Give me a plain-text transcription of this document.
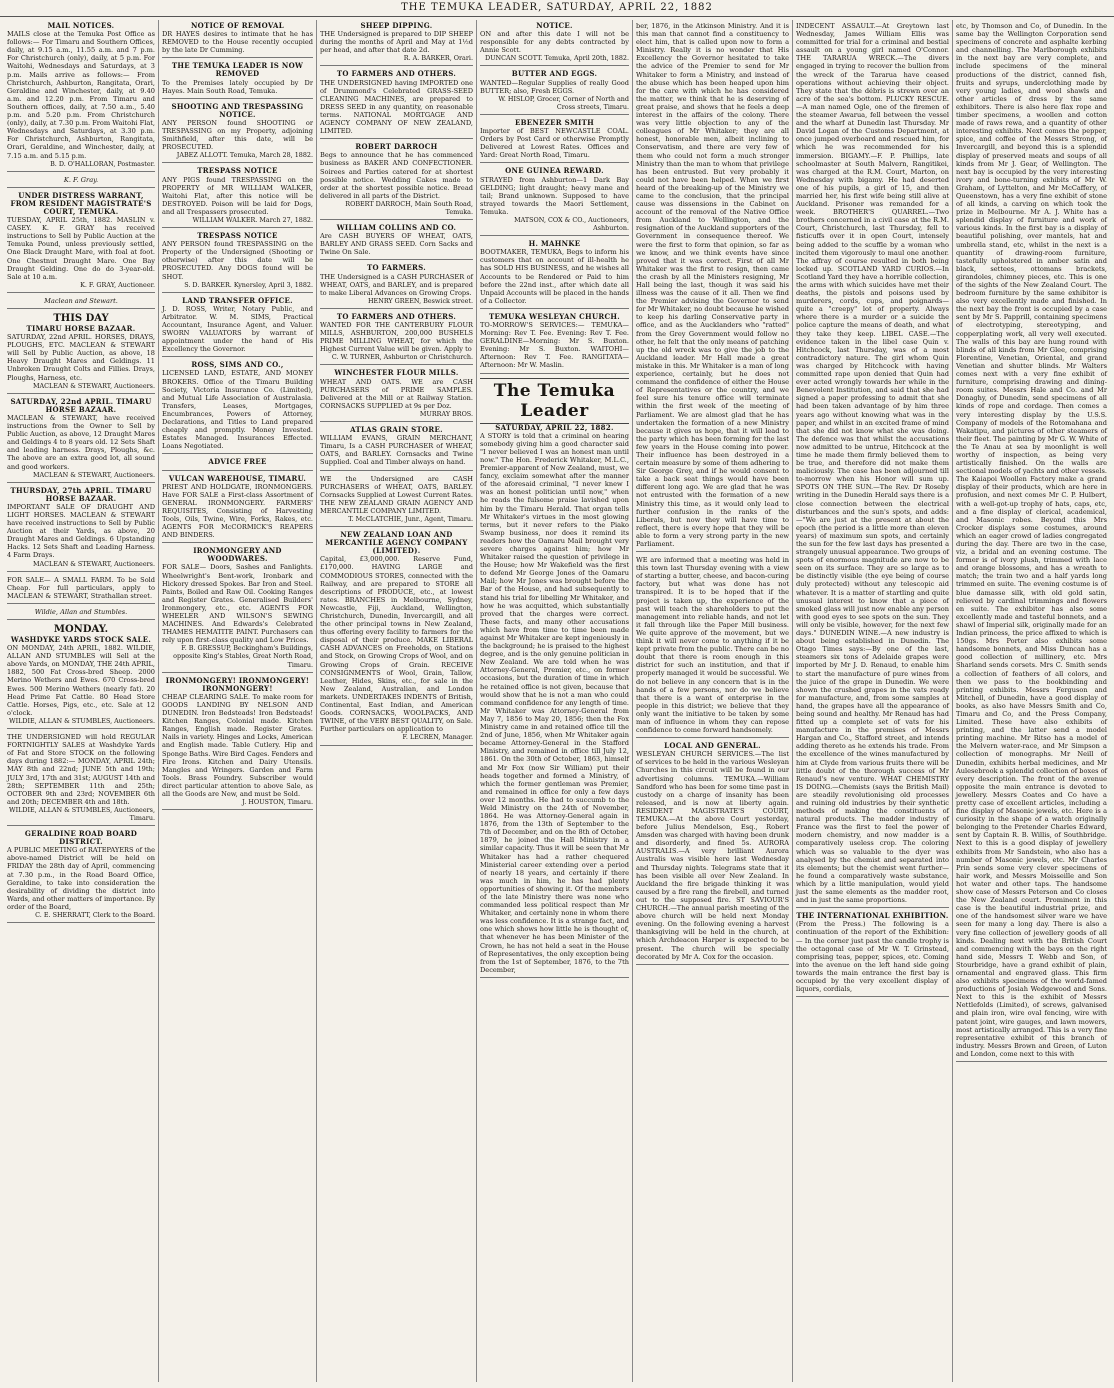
THE TEMUKA LEADER, SATURDAY, APRIL 22, 1882
MAIL NOTICES.
MAILS close at the Temuka Post Office as follows:— For Timaru and Southern Offices, daily, at 9.15 a.m., 11.55 a.m. and 7 p.m. For Christchurch (only), daily, at 5 p.m. For Waitohi, Wednesdays and Saturdays, at 3 p.m. Mails arrive as follows:— From Christchurch, Ashburton, Rangitata, Orari, Geraldine and Winchester, daily, at 9.40 a.m. and 12.20 p.m. From Timaru and Southern offices, daily, at 7.50 a.m., 5.40 p.m. and 5.20 p.m. From Christchurch (only), daily, at 7.30 p.m. From Waitohi Flat, Wednesdays and Saturdays, at 3.30 p.m. For Christchurch, Ashburton, Rangitata, Orari, Geraldine, and Winchester, daily, at 7.15 a.m. and 5.15 p.m.
B. D. O'HALLORAN, Postmaster.
K. F. Gray.
UNDER DISTRESS WARRANT, FROM RESIDENT MAGISTRATE'S COURT, TEMUKA.
TUESDAY, APRIL 25th, 1882. MASLIN v. CASEY. K. F. GRAY has received instructions to Sell by Public Auction at the Temuka Pound, unless previously settled, One Black Draught Mare, with foal at foot. One Chestnut Draught Mare. One Bay Draught Gelding. One do do 3-year-old. Sale at 10 a.m.
K. F. GRAY, Auctioneer.
Maclean and Stewart.
THIS DAY
TIMARU HORSE BAZAAR.
SATURDAY, 22nd APRIL. HORSES, DRAYS, PLOUGHS, ETC. MACLEAN & STEWART will Sell by Public Auction, as above, 18 Heavy Draught Mares and Geldings. 11 Unbroken Draught Colts and Fillies. Drays, Ploughs, Harness, etc.
MACLEAN & STEWART, Auctioneers.
SATURDAY, 22nd APRIL. TIMARU HORSE BAZAAR.
MACLEAN & STEWART, have received instructions from the Owner to Sell by Public Auction, as above, 12 Draught Mares and Geldings 4 to 8 years old. 12 Sets Shaft and leading harness. Drays, Ploughs, &c. The above are an extra good lot, all sound and good workers.
MACLEAN & STEWART, Auctioneers.
THURSDAY, 27th APRIL. TIMARU HORSE BAZAAR.
IMPORTANT SALE OF DRAUGHT AND LIGHT HORSES. MACLEAN & STEWART have received instructions to Sell by Public Auction at their Yards, as above, 20 Draught Mares and Geldings. 6 Upstanding Hacks. 12 Sets Shaft and Leading Harness. 4 Farm Drays.
MACLEAN & STEWART, Auctioneers.
FOR SALE— A SMALL FARM. To be Sold Cheap. For full particulars, apply to MACLEAN & STEWART, Strathallan street.
Wildie, Allan and Stumbles.
MONDAY.
WASHDYKE YARDS STOCK SALE.
ON MONDAY, 24th APRIL, 1882. WILDIE, ALLAN AND STUMBLES will Sell at the above Yards, on MONDAY, THE 24th APRIL, 1882, 500 Fat Cross-bred Sheep. 2000 Merino Wethers and Ewes. 670 Cross-bred Ewes. 500 Merino Wethers (nearly fat). 20 Head Prime Fat Cattle. 80 Head Store Cattle. Horses, Pigs, etc., etc. Sale at 12 o'clock.
WILDIE, ALLAN & STUMBLES, Auctioneers.
THE UNDERSIGNED will hold REGULAR FORTNIGHTLY SALES at Washdyke Yards of Fat and Store STOCK on the following days during 1882:— MONDAY, APRIL 24th; MAY 8th and 22nd; JUNE 5th and 19th; JULY 3rd, 17th and 31st; AUGUST 14th and 28th; SEPTEMBER 11th and 25th; OCTOBER 9th and 23rd; NOVEMBER 6th and 20th; DECEMBER 4th and 18th.
WILDIE, ALLAN & STUMBLES, Auctioneers, Timaru.
GERALDINE ROAD BOARD DISTRICT.
A PUBLIC MEETING of RATEPAYERS of the above-named District will be held on FRIDAY the 28th day of April, commencing at 7.30 p.m., in the Road Board Office, Geraldine, to take into consideration the desirability of dividing the district into Wards, and other matters of importance. By order of the Board,
C. E. SHERRATT, Clerk to the Board.
NOTICE OF REMOVAL
DR HAYES desires to intimate that he has REMOVED to the House recently occupied by the late Dr Cumming.
THE TEMUKA LEADER IS NOW REMOVED
To the Premises lately occupied by Dr Hayes. Main South Road, Temuka.
SHOOTING AND TRESPASSING NOTICE.
ANY PERSON found SHOOTING or TRESPASSING on my Property, adjoining Smithfield, after this date, will be PROSECUTED.
JABEZ ALLOTT. Temuka, March 28, 1882.
TRESPASS NOTICE
ANY PIGS found TRESPASSING on the PROPERTY of MR WILLIAM WALKER, Waitohi Flat, after this notice will be DESTROYED. Poison will be laid for Dogs, and all Trespassers prosecuted.
WILLIAM WALKER. March 27, 1882.
TRESPASS NOTICE
ANY PERSON found TRESPASSING on the Property of the Undersigned (Shooting or otherwise) after this date will be PROSECUTED. Any DOGS found will be SHOT.
S. D. BARKER. Kynersley, April 3, 1882.
LAND TRANSFER OFFICE.
J. D. ROSS, Writer, Notary Public, and Arbitrator. W. M. SIMS, Practical Accountant, Insurance Agent, and Valuer. SWORN VALUATORS by warrant of appointment under the hand of His Excellency the Governor.
ROSS, SIMS AND CO.,
LICENSED LAND, ESTATE, AND MONEY BROKERS. Office of the Timaru Building Society, Victoria Insurance Co. (Limited), and Mutual Life Association of Australasia. Transfers, Leases, Mortgages, Encumbrances, Powers of Attorney, Declarations, and Titles to Land prepared cheaply and promptly. Money Invested. Estates Managed. Insurances Effected. Loans Negotiated.
ADVICE FREE
VULCAN WAREHOUSE, TIMARU.
PRIEST AND HOLDGATE, IRONMONGERS. Have FOR SALE a First-class Assortment of GENERAL IRONMONGERY. FARMERS' REQUISITES, Consisting of Harvesting Tools, Oils, Twine, Wire, Forks, Rakes, etc. AGENTS FOR McCORMICK'S REAPERS AND BINDERS.
IRONMONGERY AND WOODWARES.
FOR SALE— Doors, Sashes and Fanlights. Wheelwright's Bent-work, Ironbark and Hickory dressed Spokes. Bar Iron and Steel. Paints, Boiled and Raw Oil. Cooking Ranges and Register Grates. Generalised Builders' Ironmongery, etc., etc. AGENTS FOR WHEELER AND WILSON'S SEWING MACHINES. And Edwards's Celebrated THAMES HEMATITE PAINT. Purchasers can rely upon first-class quality and Low Prices.
F. B. GRESSUP, Beckingham's Buildings, opposite King's Stables, Great North Road, Timaru.
IRONMONGERY! IRONMONGERY! IRONMONGERY!
CHEAP CLEARING SALE. To make room for GOODS LANDING BY NELSON AND DUNEDIN. Iron Bedsteads! Iron Bedsteads! Kitchen Ranges, Colonial made. Kitchen Ranges, English made. Register Grates. Nails in variety. Hinges and Locks, American and English made. Table Cutlery. Hip and Sponge Baths. Wire Bird Cages. Fenders and Fire Irons. Kitchen and Dairy Utensils. Mangles and Wringers. Garden and Farm Tools. Brass Foundry. Subscriber would direct particular attention to above Sale, as all the Goods are New, and must be Sold.
J. HOUSTON, Timaru.
SHEEP DIPPING.
THE Undersigned is prepared to DIP SHEEP during the months of April and May at 1½d per head, and after that date 2d.
R. A. BARKER, Orari.
TO FARMERS AND OTHERS.
THE UNDERSIGNED having IMPORTED one of Drummond's Celebrated GRASS-SEED CLEANING MACHINES, are prepared to DRESS SEED in any quantity, on reasonable terms. NATIONAL MORTGAGE AND AGENCY COMPANY OF NEW ZEALAND, LIMITED.
ROBERT DARROCH
Begs to announce that he has commenced business as BAKER AND CONFECTIONER. Soirees and Parties catered for at shortest possible notice. Wedding Cakes made to order at the shortest possible notice. Bread delivered in all parts of the District.
ROBERT DARROCH, Main South Road, Temuka.
WILLIAM COLLINS AND CO.
Are CASH BUYERS OF WHEAT, OATS, BARLEY AND GRASS SEED. Corn Sacks and Twine On Sale.
TO FARMERS.
THE Undersigned is a CASH PURCHASER of WHEAT, OATS, and BARLEY, and is prepared to make Liberal Advances on Growing Crops.
HENRY GREEN, Beswick street.
TO FARMERS AND OTHERS.
WANTED FOR THE CANTERBURY FLOUR MILLS, ASHBURTON, 200,000 BUSHELS PRIME MILLING WHEAT, for which the Highest Current Value will be given. Apply to
C. W. TURNER, Ashburton or Christchurch.
WINCHESTER FLOUR MILLS.
WHEAT AND OATS. WE are CASH PURCHASERS of PRIME SAMPLES. Delivered at the Mill or at Railway Station. CORNSACKS SUPPLIED at 9s per Doz.
MURRAY BROS.
ATLAS GRAIN STORE.
WILLIAM EVANS, GRAIN MERCHANT, Timaru, Is a CASH PURCHASER of WHEAT, OATS, and BARLEY. Cornsacks and Twine Supplied. Coal and Timber always on hand.
WE the Undersigned are CASH PURCHASERS of WHEAT, OATS, BARLEY. Cornsacks Supplied at Lowest Current Rates. THE NEW ZEALAND GRAIN AGENCY AND MERCANTILE COMPANY LIMITED.
T. McCLATCHIE, Junr., Agent, Timaru.
NEW ZEALAND LOAN AND MERCANTILE AGENCY COMPANY (LIMITED).
Capital, £3,000,000. Reserve Fund, £170,000. HAVING LARGE and COMMODIOUS STORES, connected with the Railway, and are prepared to STORE all descriptions of PRODUCE, etc., at lowest rates. BRANCHES in Melbourne, Sydney, Newcastle, Fiji, Auckland, Wellington, Christchurch, Dunedin, Invercargill, and all the other principal towns in New Zealand, thus offering every facility to farmers for the disposal of their produce. MAKE LIBERAL CASH ADVANCES on Freeholds, on Stations and Stock, on Growing Crops of Wool, and on Growing Crops of Grain. RECEIVE CONSIGNMENTS of Wool, Grain, Tallow, Leather, Hides, Skins, etc., for sale in the New Zealand, Australian, and London markets. UNDERTAKES INDENTS of British, Continental, East Indian, and American Goods. CORNSACKS, WOOLPACKS, AND TWINE, of the VERY BEST QUALITY, on Sale. Further particulars on application to
F. LECREN, Manager.
NOTICE.
ON and after this date I will not be responsible for any debts contracted by Annie Scott.
DUNCAN SCOTT. Temuka, April 20th, 1882.
BUTTER AND EGGS.
WANTED—Regular Supplies of really Good BUTTER; also, Fresh EGGS.
W. HISLOP, Grocer, Corner of North and Cross streets, Timaru.
EBENEZER SMITH
Importer of BEST NEWCASTLE COAL. Orders by Post Card or otherwise Promptly Delivered at Lowest Rates. Offices and Yard: Great North Road, Timaru.
ONE GUINEA REWARD.
STRAYED from Ashburton—1 Dark Bay GELDING; light draught; heavy mane and tail; Brand unknown. Supposed to have strayed towards the Maori Settlement, Temuka.
MATSON, COX & CO., Auctioneers, Ashburton.
H. MAHNKE
BOOTMAKER, TEMUKA, Begs to inform his customers that on account of ill-health he has SOLD HIS BUSINESS, and he wishes all Accounts to be Rendered or Paid to him before the 22nd inst., after which date all Unpaid Accounts will be placed in the hands of a Collector.
TEMUKA WESLEYAN CHURCH.
TO-MORROW'S SERVICES:— TEMUKA—Morning: Rev T. Fee. Evening: Rev T. Fee. GERALDINE—Morning: Mr S. Buxton. Evening: Mr S. Buxton. WAITOHI—Afternoon: Rev T. Fee. RANGITATA—Afternoon: Mr W. Maslin.
The Temuka Leader
SATURDAY, APRIL 22, 1882.
A STORY is told that a criminal on hearing somebody giving him a good character said "I never believed I was an honest man until now." The Hon. Frederick Whitaker, M.L.C., Premier-apparent of New Zealand, must, we fancy, exclaim somewhat after the manner of the aforesaid criminal, "I never knew I was an honest politician until now," when he reads the fulsome praise lavished upon him by the Timaru Herald. That organ tells Mr Whitaker's virtues in the most glowing terms, but it never refers to the Piako Swamp business, nor does it remind its readers how the Oamaru Mail brought very severe charges against him; how Mr Whitaker raised the question of privilege in the House; how Mr Wakefield was the first to defend Mr George Jones of the Oamaru Mail; how Mr Jones was brought before the Bar of the House, and had subsequently to stand his trial for libelling Mr Whitaker, and how he was acquitted, which substantially proved that the charges were correct. These facts, and many other accusations which have from time to time been made against Mr Whitaker are kept ingeniously in the background; he is praised to the highest degree, and is the only genuine politician in New Zealand. We are told when he was Attorney-General, Premier, etc., on former occasions, but the duration of time in which he retained office is not given, because that would show that he is not a man who could command confidence for any length of time. Mr Whitaker was Attorney-General from May 7, 1856 to May 20, 1856; then the Fox Ministry came in and retained office till the 2nd of June, 1856, when Mr Whitaker again became Attorney-General in the Stafford Ministry, and remained in office till July 12, 1861. On the 30th of October, 1863, himself and Mr Fox (now Sir William) put their heads together and formed a Ministry, of which the former gentleman was Premier, and remained in office for only a few days over 12 months. He had to succumb to the Weld Ministry on the 24th of November, 1864. He was Attorney-General again in 1876, from the 13th of September to the 7th of December, and on the 8th of October, 1879, he joined the Hall Ministry in a similar capacity. Thus it will be seen that Mr Whitaker has had a rather chequered Ministerial career extending over a period of nearly 18 years, and certainly if there was much in him, he has had plenty opportunities of showing it. Of the members of the late Ministry there was none who commanded less political respect than Mr Whitaker, and certainly none in whom there was less confidence. It is a strange fact, and one which shows how little he is thought of, that whenever he has been Minister of the Crown, he has not held a seat in the House of Representatives, the only exception being from the 1st of September, 1876, to the 7th December,
ber, 1876, in the Atkinson Ministry. And it is this man that cannot find a constituency to elect him, that is called upon now to form a Ministry. Really it is no wonder that His Excellency the Governor hesitated to take the advice of the Premier to send for Mr Whitaker to form a Ministry, and instead of the abuse which has been heaped upon him for the care with which he has considered the matter, we think that he is deserving of great praise, and shows that he feels a deep interest in the affairs of the colony. There was very little objection to any of the colleagues of Mr Whitaker; they are all honest, honorable men, albeit inclining to Conservatism, and there are very few of them who could not form a much stronger Ministry than the man to whom that privilege has been entrusted. But very probably it could not have been helped. When we first heard of the breaking-up of the Ministry we came to the conclusion, that the principal cause was dissensions in the Cabinet on account of the removal of the Native Office from Auckland to Wellington, and the resignation of the Auckland supporters of the Government in consequence thereof. We were the first to form that opinion, so far as we know, and we think events have since proved that it was correct. First of all Mr Whitaker was the first to resign, then came the crash by all the Ministers resigning, Mr Hall being the last, though it was said his illness was the cause of it all. Then we find the Premier advising the Governor to send for Mr Whitaker, no doubt because he wished to keep his darling Conservative party in office, and as the Aucklanders who "ratted" from the Grey Government would follow no other, he felt that the only means of patching up the old wreck was to give the job to the Auckland leader. Mr Hall made a great mistake in this. Mr Whitaker is a man of long experience, certainly, but he does not command the confidence of either the House of Representatives or the country, and we feel sure his tenure office will terminate within the first week of the meeting of Parliament. We are almost glad that he has undertaken the formation of a new Ministry because it gives us hope, that it will lead to the party which has been forming for the last few years in the House coming into power. Their influence has been destroyed in a certain measure by some of them adhering to Sir George Grey, and if he would consent to take a back seat things would have been different long ago. We are glad that he was not entrusted with the formation of a new Ministry this time, as it would only lead to further confusion in the ranks of the Liberals, but now they will have time to reflect, there is every hope that they will be able to form a very strong party in the new Parliament.
WE are informed that a meeting was held in this town last Thursday evening with a view of starting a butter, cheese, and bacon-curing factory, but what was done has not transpired. It is to be hoped that if the project is taken up, the experience of the past will teach the shareholders to put the management into reliable hands, and not let it fall through like the Paper Mill business. We quite approve of the movement, but we think it will never come to anything if it be kept private from the public. There can be no doubt that there is room enough in this district for such an institution, and that if properly managed it would be successful. We do not believe in any concern that is in the hands of a few persons, nor do we believe that there is a want of enterprise in the people in this district; we believe that they only want the initiative to be taken by some man of influence in whom they can repose confidence to come forward handsomely.
LOCAL AND GENERAL.
WESLEYAN CHURCH SERVICES.—The list of services to be held in the various Wesleyan Churches in this circuit will be found in our advertising columns. TEMUKA.—William Sandford who has been for some time past in custody on a charge of insanity has been released, and is now at liberty again. RESIDENT MAGISTRATE'S COURT, TEMUKA.—At the above Court yesterday, before Julius Mendelson, Esq., Robert Amsden was charged with having been drunk and disorderly, and fined 5s. AURORA AUSTRALIS.—A very brilliant Aurora Australis was visible here last Wednesday and Thursday nights. Telegrams state that it has been visible all over New Zealand. In Auckland the fire brigade thinking it was caused by a fire rang the firebell, and turned out to the supposed fire. ST SAVIOUR'S CHURCH.—The annual parish meeting of the above church will be held next Monday evening. On the following evening a harvest thanksgiving will be held in the church, at which Archdeacon Harper is expected to be present. The church will be specially decorated by Mr A. Cox for the occasion.
INDECENT ASSAULT.—At Greytown last Wednesday, James William Ellis was committed for trial for a criminal and bestial assault on a young girl named O'Connor. THE TARARUA WRECK.—The divers engaged in trying to recover the bullion from the wreck of the Tararua have ceased operations without achieving their object. They state that the débris is strewn over an acre of the sea's bottom. PLUCKY RESCUE.—A man named Ogle, one of the firemen of the steamer Awarua, fell between the vessel and the wharf at Dunedin last Thursday. Mr David Logan of the Customs Department, at once jumped overboard and rescued him, for which he was recommended for his immersion. BIGAMY.—F. P. Phillips, late schoolmaster at South Malvern, Rangitikei, was charged at the R.M. Court, Marton, on Wednesday with bigamy. He had deserted one of his pupils, a girl of 15, and then married her, his first wife being still alive at Auckland. Prisoner was remanded for a week. BROTHER'S QUARREL.—Two brothers concerned in a civil case at the R.M. Court, Christchurch, last Thursday, fell to fisticuffs over it in open Court, intensely being added to the scuffle by a woman who incited them vigorously to maul one another. The affray of course resulted in both being locked up. SCOTLAND YARD CURIOS.—In Scotland Yard they have a horrible collection, the arms with which suicides have met their deaths, the pistols and poisons used by murderers, cords, cups, and poignards—quite a "creepy" lot of property. Always where there is a murder or a suicide the police capture the means of death, and what they take they keep. LIBEL CASE.—The evidence taken in the libel case Quin v. Hitchcock, last Thursday, was of a most contradictory nature. The girl whom Quin was charged by Hitchcock with having committed rape upon denied that Quin had ever acted wrongly towards her while in the Benevolent Institution, and said that she had signed a paper professing to admit that she had been taken advantage of by him three years ago without knowing what was in the paper, and whilst in an excited frame of mind that she did not know what she was doing. The defence was that whilst the accusations now admitted to be untrue, Hitchcock at the time he made them firmly believed them to be true, and therefore did not make them maliciously. The case has been adjourned till to-morrow when his Honor will sum up. SPOTS ON THE SUN.—The Rev. Dr Roseby writing in the Dunedin Herald says there is a close connection between the electrical disturbances and the sun's spots, and adds:—"We are just at the present at about the epoch (the period is a little more than eleven years) of maximum sun spots, and certainly the sun for the few last days has presented a strangely unusual appearance. Two groups of spots of enormous magnitude are now to be seen on its surface. They are so large as to be distinctly visible (the eye being of course duly protected) without any telescopic aid whatever. It is a matter of startling and quite unusual interest to know that a piece of smoked glass will just now enable any person with good eyes to see spots on the sun. They will only be visible, however, for the next few days." DUNEDIN WINE.—A new industry is about being established in Dunedin. The Otago Times says:—By one of the last, steamers six tons of Adelaide grapes were imported by Mr J. D. Renaud, to enable him to start the manufacture of pure wines from the juice of the grape in Dunedin. We were shown the crushed grapes in the vats ready for manufacture, and, from some samples at hand, the grapes have all the appearance of being sound and healthy. Mr Renaud has had fitted up a complete set of vats for his manufacture in the premises of Messrs Hargan and Co., Stafford street, and intends adding thereto as he extends his trade. From the excellence of the wines manufactured by him at Clyde from various fruits there will be little doubt of the thorough success of Mr Renaud's new venture. WHAT CHEMISTRY IS DOING.—Chemists (says the British Mail) are steadily revolutionising old processes and ruining old industries by their synthetic methods of making the constituents of natural products. The madder industry of France was the first to feel the power of modern chemistry, and now madder is a comparatively useless crop. The coloring which was so valuable to the dyer was analysed by the chemist and separated into its elements; but the chemist went further—he found a comparatively waste substance, which by a little manipulation, would yield just the same elements as the madder root, and in just the same proportions.
THE INTERNATIONAL EXHIBITION.
(From the Press.) The following is a continuation of the report of the Exhibition:— In the corner just past the candle trophy is the octagonal case of Mr W. T. Grinstead, comprising teas, pepper, spices, etc. Coming into the avenue on the left hand side going towards the main entrance the first bay is occupied by the very excellent display of liquors, cordials,
etc, by Thomson and Co, of Dunedin. In the same bay the Wellington Corporation send specimens of concrete and asphalte kerbing and channelling. The Marlborough exhibits in the next bay are very complete, and include specimens of the mineral productions of the district, canned fish, fruits and syrups, underclothing made by very young ladies, and wool shawls and other articles of dress by the same exhibitors. There is also here flax rope and timber specimens, a woollen and cotton made of raws rewa, and a quantity of other interesting exhibits. Next comes the pepper, spice, and coffee of the Messrs Strong, of Invercargill, and beyond this is a splendid display of preserved meats and soups of all kinds from Mr J. Gear, of Wellington. The next bay is occupied by the very interesting ivory and bone-turning exhibits of Mr W. Graham, of Lyttelton, and Mr McCaffery, of Queenstown, has a very fine exhibit of stone of all kinds, a carving on which took the prize in Melbourne. Mr A. J. White has a splendid display of furniture and work of various kinds. In the first bay is a display of beautiful polishing, over mantels, hat and umbrella stand, etc, whilst in the next is a quantity of drawing-room furniture, tastefully upholstered in amber satin and black, settees, ottomans brackets, girandoles, chimney pieces, etc. This is one of the sights of the New Zealand Court. The bedroom furniture by the same exhibitor is also very excellently made and finished. In the next bay the front is occupied by a case sent by Mr S. Papprill, containing specimens of electrotyping, stereotyping, and copperplating work, all very well executed. The walls of this bay are hung round with blinds of all kinds from Mr Glee, comprising Florentine, Venetian, Oriental, and grand Venetian and shutter blinds. Mr Walters comes next with a very fine exhibit of furniture, comprising drawing and dining-room suites. Messrs Hale and Co. and Mr Donaghy, of Dunedin, send specimens of all kinds of rope and cordage. Then comes a very interesting display by the U.S.S. Company of models of the Rotomahana and Wakatipu, and pictures of other steamers of their fleet. The painting by Mr G. W. White of the Te Anau at sea by moonlight is well worthy of inspection, as being very artistically finished. On the walls are sectional models of yachts and other vessels. The Kaiapoi Woollen Factory make a grand display of their products, which are here in profusion, and next comes Mr C. P. Hulbert, with a well-got-up trophy of hats, caps, etc, and a fine display of clerical, academical, and Masonic robes. Beyond this Mrs Crocker displays some costumes, around which an eager crowd of ladies congregated during the day. There are two in the case, viz, a bridal and an evening costume. The former is of ivory plush, trimmed with lace and orange blossoms, and has a wreath to match; the train two and a half yards long trimmed en suite. The evening costume is of blue damasse silk, with old gold satin, relieved by cardinal trimmings and flowers en suite. The exhibitor has also some excellently made and tasteful bonnets, and a shawl of Imperial silk, originally made for an Indian princess, the price affixed to which is 150gs. Mrs Porter also exhibits some handsome bonnets, and Miss Duncan has a good collection of millinery, etc. Mrs Sharland sends corsets. Mrs C. Smith sends a collection of feathers of all colors, and then we pass to the bookbinding and printing exhibits. Messrs Ferguson and Mitchell, of Dunedin, have a good display of books, as also have Messrs Smith and Co, Timaru and Co, and the Press Company, Limited. These have also exhibits of printing, and the latter send a model printing machine. Mr Ritso has a model of the Melvern water-race, and Mr Simpson a collection of monographs. Mr Neill of Dunedin, exhibits herbal medicines, and Mr Aulesebrook a splendid collection of boxes of every description. The front of the avenue opposite the main entrance is devoted to jewellery. Messrs Coates and Co have a pretty case of excellent articles, including a fine display of Masonic jewels, etc. Here is a curiosity in the shape of a watch originally belonging to the Pretender Charles Edward, sent by Captain R. B. Willis, of Southbridge. Next to this is a good display of jewellery exhibits from Mr Sandstein, who also has a number of Masonic jewels, etc. Mr Charles Prin sends some very clever specimens of hair work, and Messrs Moisseille and Son hot water and other taps. The handsome show case of Messrs Peterson and Co closes the New Zealand court. Prominent in this case is the beautiful industrial prize, and one of the handsomest silver ware we have seen for many a long day. There is also a very fine collection of jewellery goods of all kinds. Dealing next with the British Court and commencing with the bays on the right hand side, Messrs T. Webb and Son, of Stourbridge, have a grand exhibit of plain, ornamental and engraved glass. This firm also exhibits specimens of the world-famed productions of Josiah Wedgewood and Sons. Next to this is the exhibit of Messrs Nettlefolds (Limited), of screws, galvanised and plain iron, wire oval fencing, wire with patent joint, wire gauges, and lawn mowers, most artistically arranged. This is a very fine representative exhibit of this branch of industry. Messrs Brown and Green, of Luton and London, come next to this with
